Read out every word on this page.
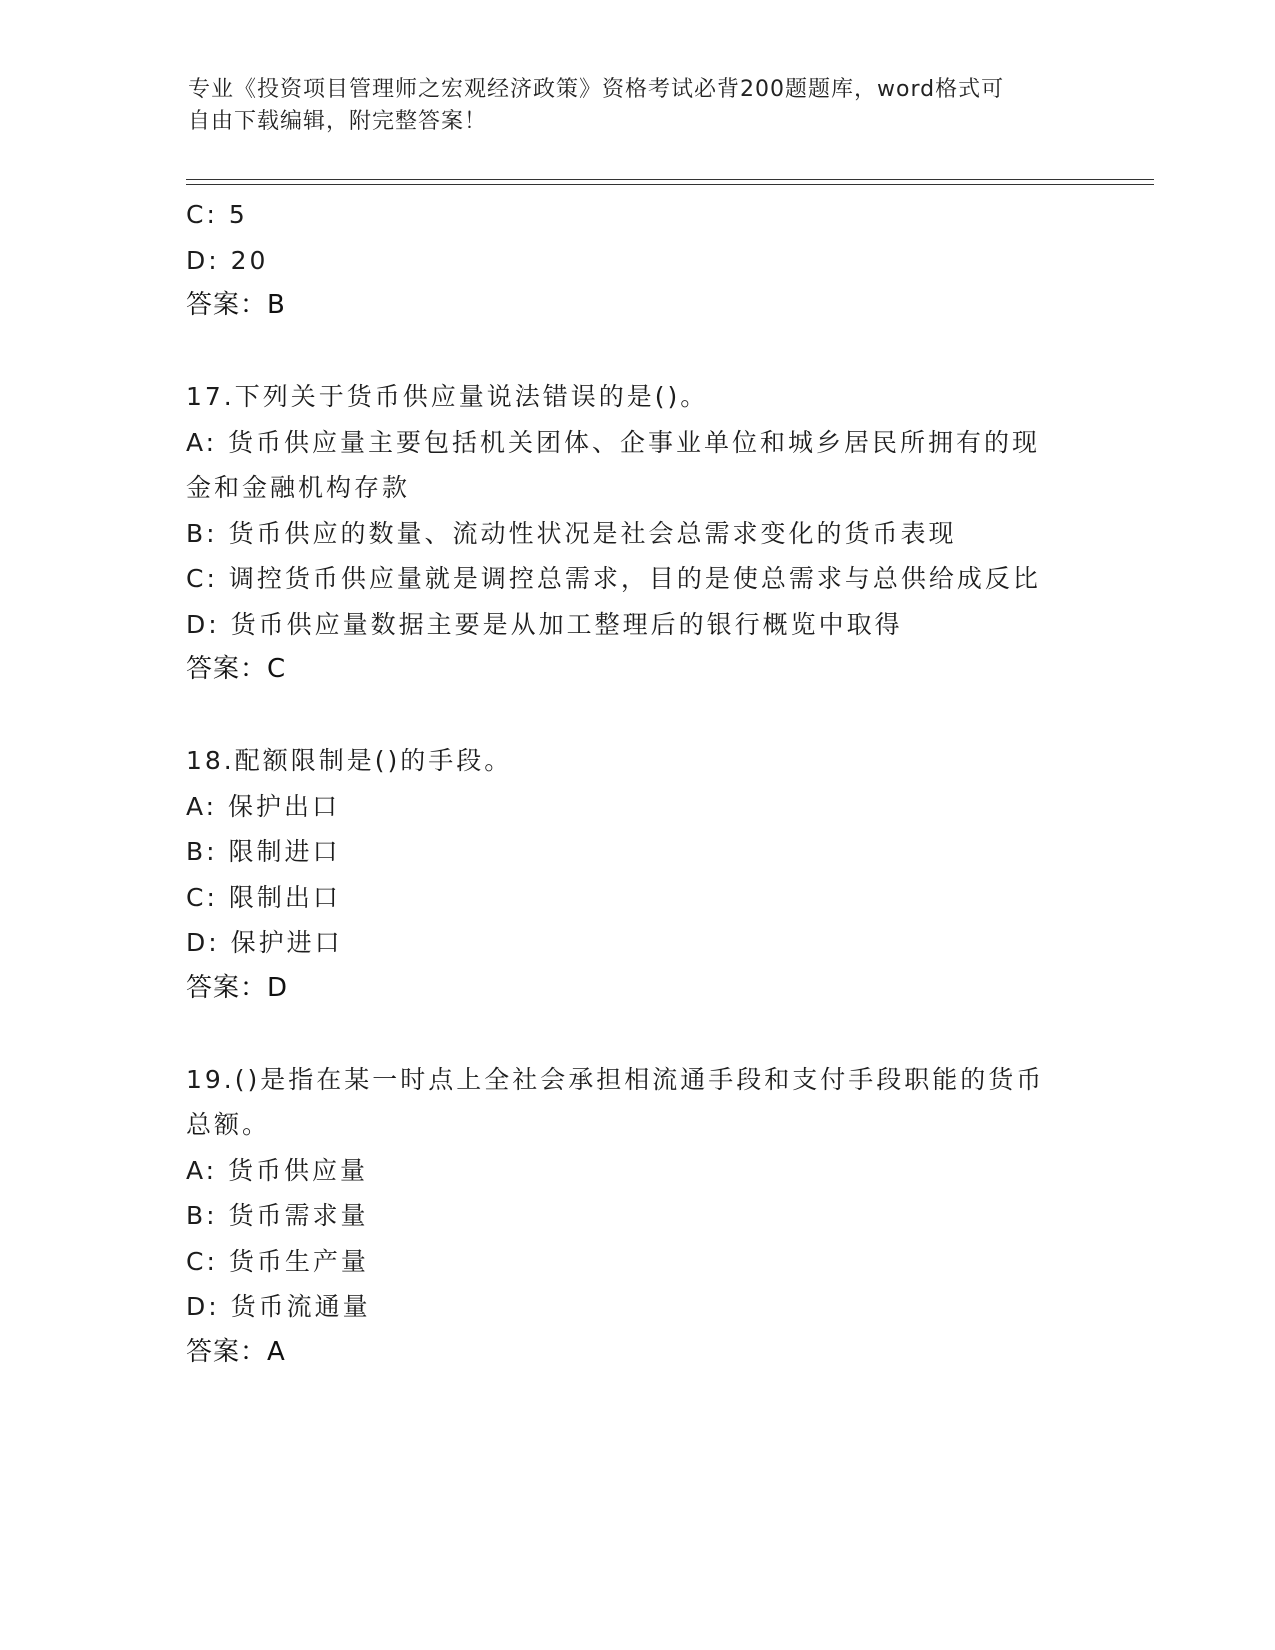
专业《投资项目管理师之宏观经济政策》资格考试必背200题题库，word格式可
自由下载编辑，附完整答案！
C: 5
D: 20
答案：B
17.下列关于货币供应量说法错误的是()。
A: 货币供应量主要包括机关团体、企事业单位和城乡居民所拥有的现
金和金融机构存款
B: 货币供应的数量、流动性状况是社会总需求变化的货币表现
C: 调控货币供应量就是调控总需求，目的是使总需求与总供给成反比
D: 货币供应量数据主要是从加工整理后的银行概览中取得
答案：C
18.配额限制是()的手段。
A: 保护出口
B: 限制进口
C: 限制出口
D: 保护进口
答案：D
19.()是指在某一时点上全社会承担相流通手段和支付手段职能的货币
总额。
A: 货币供应量
B: 货币需求量
C: 货币生产量
D: 货币流通量
答案：A
